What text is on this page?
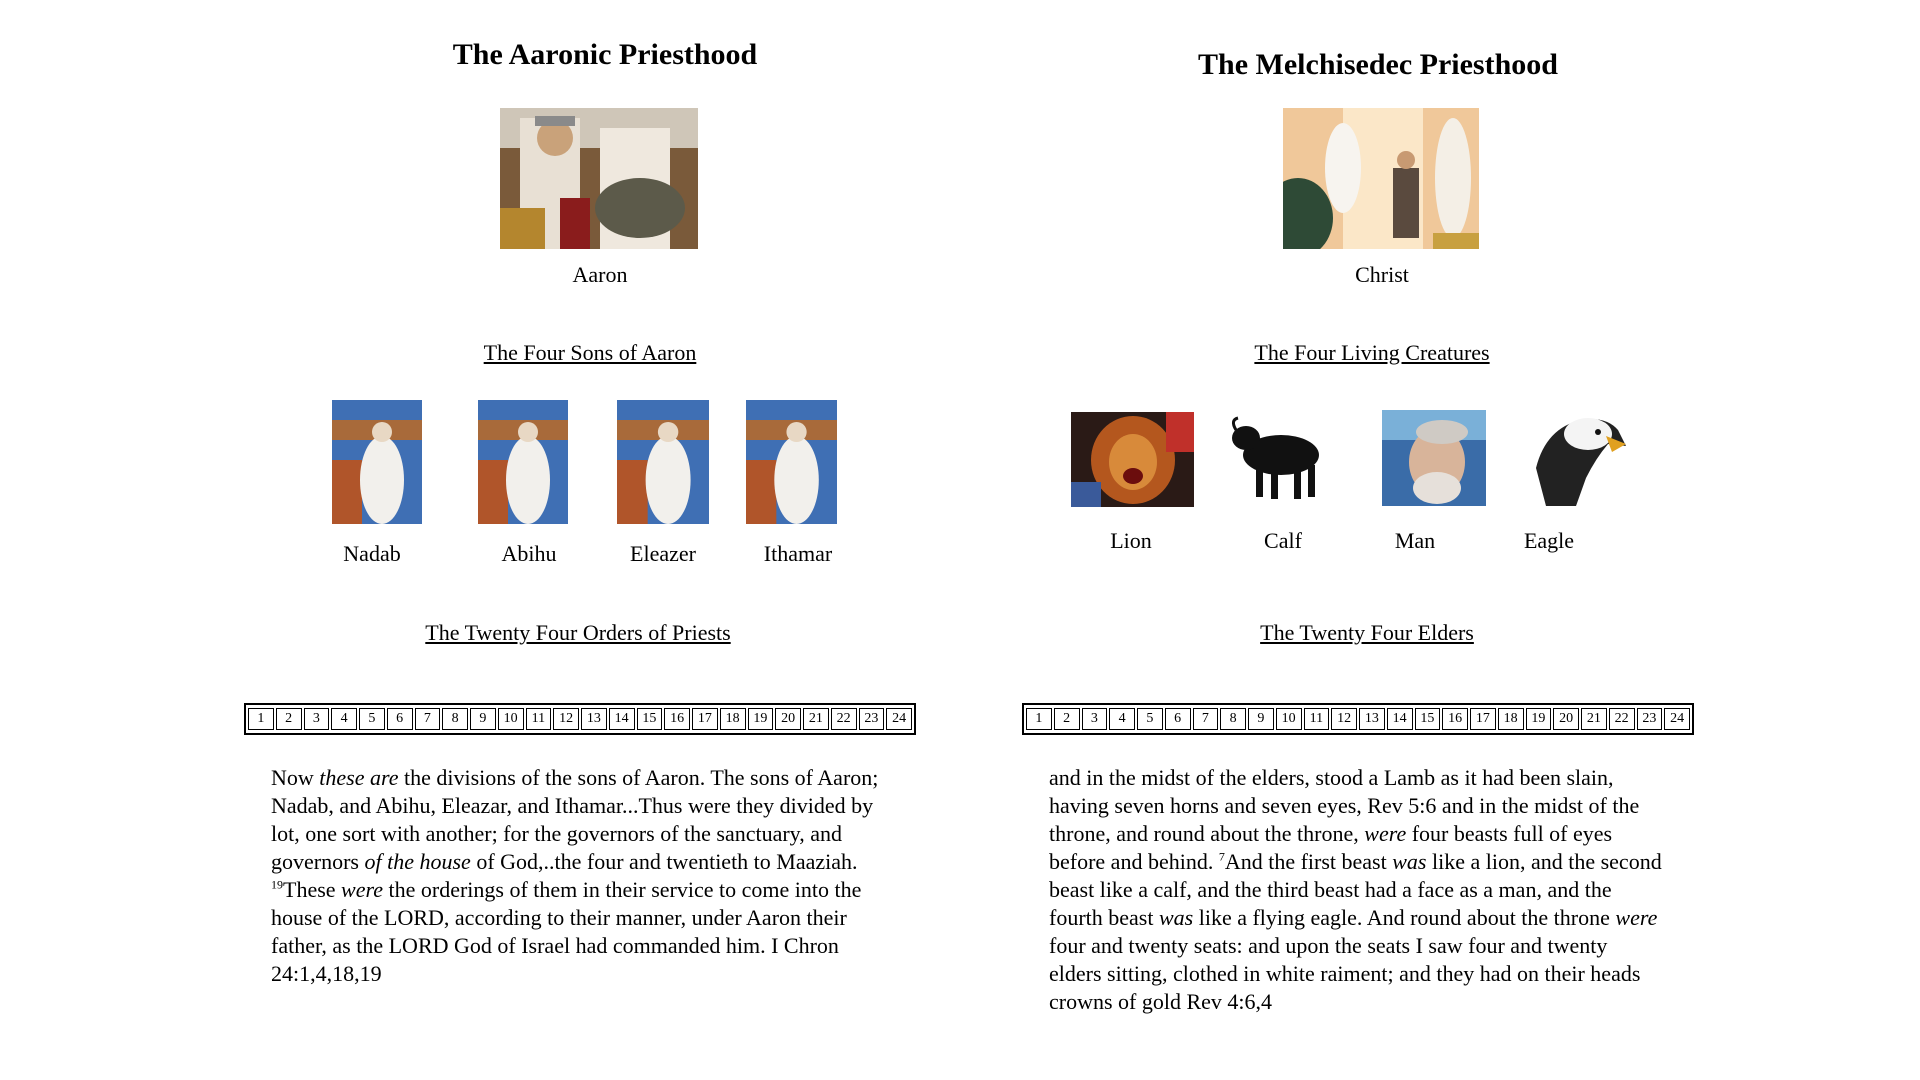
The Aaronic Priesthood
Aaron
The Four Sons of Aaron
Nadab	Abihu	Eleazer	Ithamar
The Twenty Four Orders of Priests
1	2	3	4	5	6	7	8	9	10	11	12 13 14 15 16 17 18 19 20 21 22 23 24
Now these are the divisions of the sons of Aaron. The sons of Aaron; Nadab, and Abihu, Eleazar, and Ithamar...Thus were they divided by lot, one sort with another; for the governors of the sanctuary, and governors of the house of God,..the four and twentieth to Maaziah. $^{19}$These were the orderings of them in their service to come into the house of the LORD, according to their manner, under Aaron their father, as the LORD God of Israel had commanded him. I Chron 24:1,4,18,19
The Melchisedec Priesthood
Christ
The Four Living Creatures
Lion	Calf	Man	Eagle
The Twenty Four Elders
1	2	3	4	5	6	7	8	9	10	11	12 13 14 15 16 17 18 19 20 21 22 23 24
and in the midst of the elders, stood a Lamb as it had been slain, having seven horns and seven eyes, Rev 5:6 and in the midst of the throne, and round about the throne, were four beasts full of eyes before and behind. $^7$And the first beast was like a lion, and the second beast like a calf, and the third beast had a face as a man, and the fourth beast was like a flying eagle. And round about the throne were four and twenty seats: and upon the seats I saw four and twenty elders sitting, clothed in white raiment; and they had on their heads crowns of gold Rev 4:6,4
